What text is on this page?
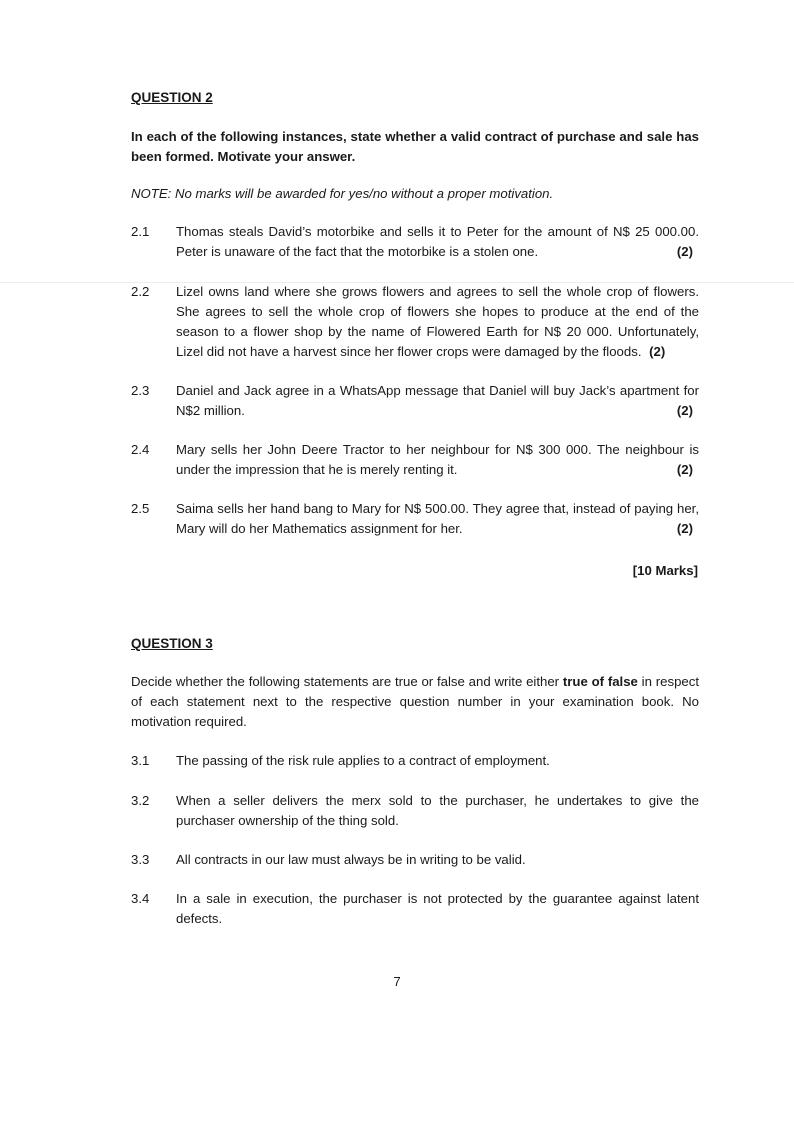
QUESTION 2
In each of the following instances, state whether a valid contract of purchase and sale has been formed. Motivate your answer.
NOTE: No marks will be awarded for yes/no without a proper motivation.
2.1	Thomas steals David’s motorbike and sells it to Peter for the amount of N$ 25 000.00. Peter is unaware of the fact that the motorbike is a stolen one.	(2)
2.2	Lizel owns land where she grows flowers and agrees to sell the whole crop of flowers. She agrees to sell the whole crop of flowers she hopes to produce at the end of the season to a flower shop by the name of Flowered Earth for N$ 20 000. Unfortunately, Lizel did not have a harvest since her flower crops were damaged by the floods. (2)
2.3	Daniel and Jack agree in a WhatsApp message that Daniel will buy Jack’s apartment for N$2 million.	(2)
2.4	Mary sells her John Deere Tractor to her neighbour for N$ 300 000. The neighbour is under the impression that he is merely renting it.	(2)
2.5	Saima sells her hand bang to Mary for N$ 500.00. They agree that, instead of paying her, Mary will do her Mathematics assignment for her.	(2)
[10 Marks]
QUESTION 3
Decide whether the following statements are true or false and write either true of false in respect of each statement next to the respective question number in your examination book. No motivation required.
3.1	The passing of the risk rule applies to a contract of employment.
3.2	When a seller delivers the merx sold to the purchaser, he undertakes to give the purchaser ownership of the thing sold.
3.3	All contracts in our law must always be in writing to be valid.
3.4	In a sale in execution, the purchaser is not protected by the guarantee against latent defects.
7
